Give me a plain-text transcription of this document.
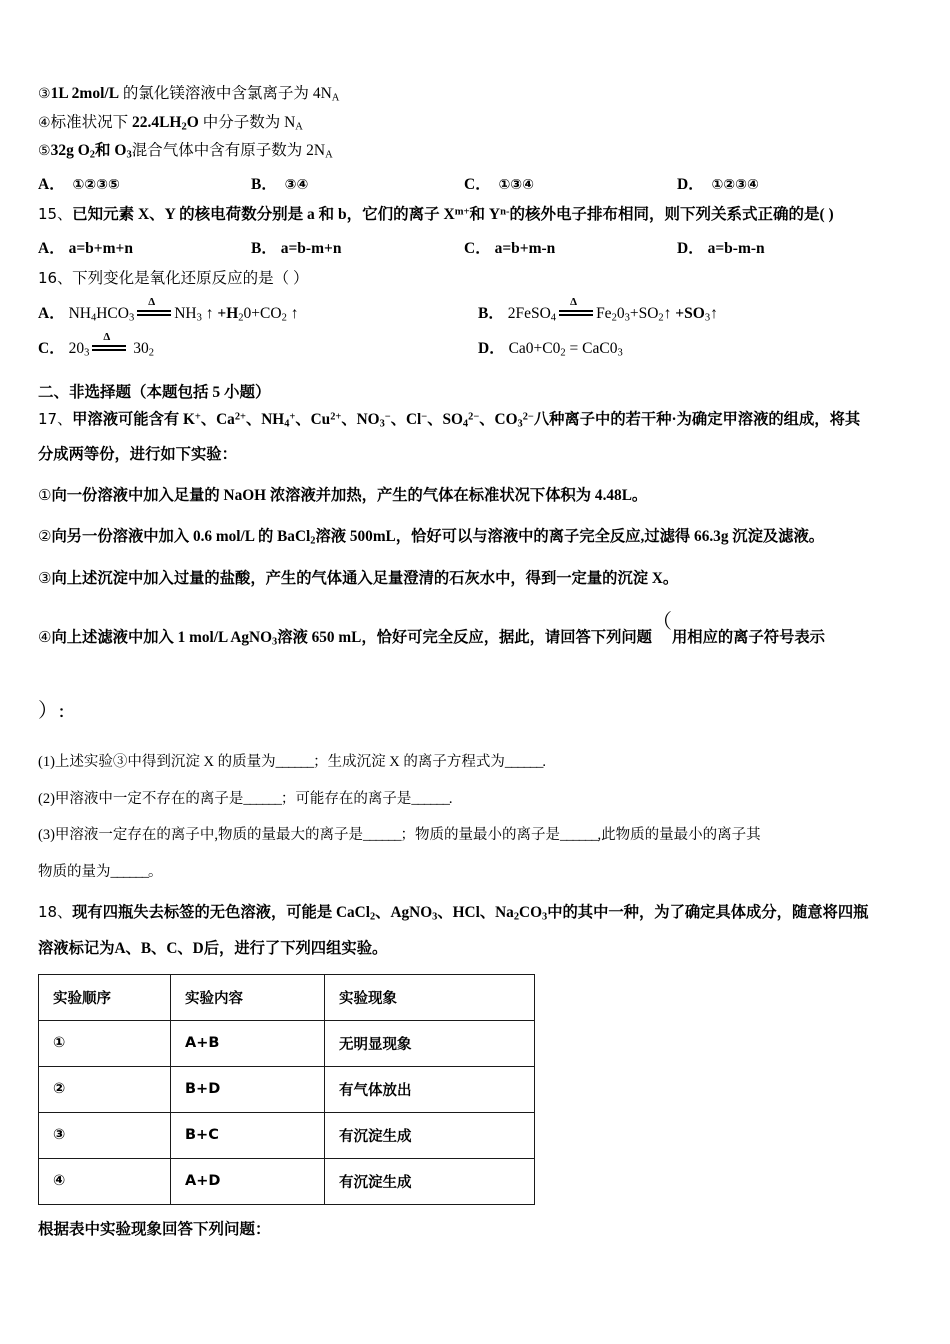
③1L 2mol/L 的氯化镁溶液中含氯离子为 $4N_A$
④标准状况下 $22.4LH_2O$ 中分子数为 $N_A$
⑤32g $O_2$和 $O_3$混合气体中含有原子数为 $2N_A$
A． ①②③⑤	B． ③④	C． ①③④	D． ①②③④
15、已知元素 X、Y 的核电荷数分别是 a 和 b，它们的离子 $X^{m+}$和 $Y^{n-}$的核外电子排布相同，则下列关系式正确的是( )
A． a=b+m+n	B． a=b-m+n	C． a=b+m-n	D． a=b-m-n
16、下列变化是氧化还原反应的是（ ）
A． $NH_4HCO_3$
Δ
$NH_3$ ↑ $+H_20+CO_2$ ↑	B． 2FeSO$_4$
Δ
$Fe_20_3+SO_2↑$ $+SO_3↑$
C． $20_3$
Δ
$30_2$	D． $Ca0+C0_2 = CaC0_3$
二、非选择题（本题包括 5 小题）
17、甲溶液可能含有 K+、$Ca^{2+}$、$NH_4^+$、$Cu^{2+}$、$NO_3^-$、Cl−、$SO_4^{2-}$、$CO_3^{2-}$八种离子中的若干种·为确定甲溶液的组成，将其
分成两等份，进行如下实验：
①向一份溶液中加入足量的 NaOH 浓溶液并加热，产生的气体在标准状况下体积为 4.48L。
②向另一份溶液中加入 0.6 mol/L 的 BaCl$_2$溶液 500mL，恰好可以与溶液中的离子完全反应,过滤得 66.3g 沉淀及滤液。
③向上述沉淀中加入过量的盐酸，产生的气体通入足量澄清的石灰水中，得到一定量的沉淀 X。
④向上述滤液中加入 1 mol/L AgNO$_3$溶液 650 mL，恰好可完全反应，据此，请回答下列问题（用相应的离子符号表示
）：
(1)上述实验③中得到沉淀 X 的质量为______；生成沉淀 X 的离子方程式为______.
(2)甲溶液中一定不存在的离子是______；可能存在的离子是______.
(3)甲溶液一定存在的离子中,物质的量最大的离子是______；物质的量最小的离子是______,此物质的量最小的离子其
物质的量为______。
18、现有四瓶失去标签的无色溶液，可能是 CaCl$_2$、AgNO$_3$、HCl、$Na_2CO_3$中的其中一种，为了确定具体成分，随意将四瓶
溶液标记为A、B、C、D后，进行了下列四组实验。
实验顺序	实验内容	实验现象
①	A+B	无明显现象
②	B+D	有气体放出
③	B+C	有沉淀生成
④	A+D	有沉淀生成
根据表中实验现象回答下列问题：
